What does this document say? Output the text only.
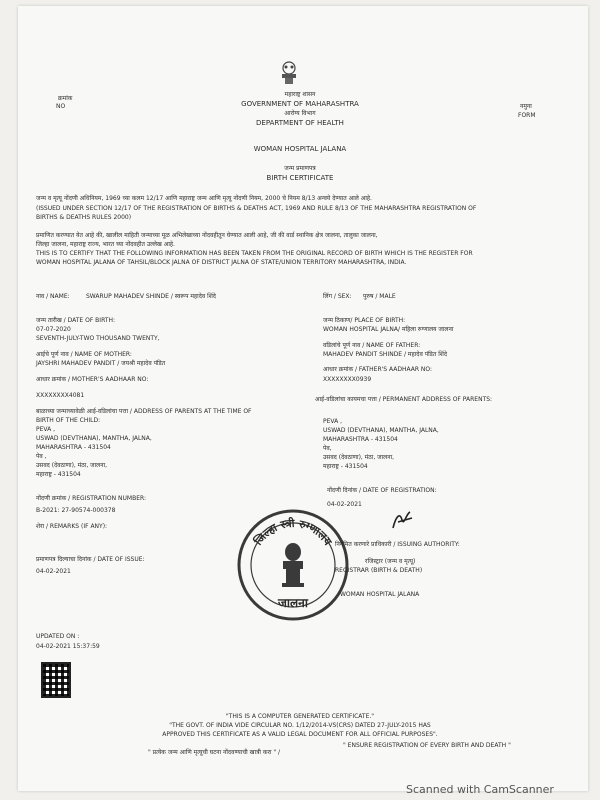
क्रमांक
NO	नमुना
FORM
महाराष्ट्र शासन
GOVERNMENT OF MAHARASHTRA
आरोग्य विभाग
DEPARTMENT OF HEALTH
WOMAN HOSPITAL JALANA
जन्म प्रमाणपत्र
BIRTH CERTIFICATE
जन्म व मृत्यू नोंदणी अधिनियम, 1969 च्या कलम 12/17 आणि महाराष्ट्र जन्म आणि मृत्यू नोंदणी नियम, 2000 चे नियम 8/13 अन्वये देण्यात आले आहे.
(ISSUED UNDER SECTION 12/17 OF THE REGISTRATION OF BIRTHS & DEATHS ACT, 1969 AND RULE 8/13 OF THE MAHARASHTRA REGISTRATION OF
BIRTHS & DEATHS RULES 2000)
प्रमाणित करण्यात येत आहे की, खालील माहिती जन्माच्या मूळ अभिलेखाच्या नोंदवहीतून घेण्यात आली आहे, जी की वार्ड स्थानिक क्षेत्र जालना, तालुका जालना,
जिल्हा जालना, महाराष्ट्र राज्य, भारत च्या नोंदवहीत उल्लेख आहे.
THIS IS TO CERTIFY THAT THE FOLLOWING INFORMATION HAS BEEN TAKEN FROM THE ORIGINAL RECORD OF BIRTH WHICH IS THE REGISTER FOR
WOMAN HOSPITAL JALANA OF TAHSIL/BLOCK JALNA OF DISTRICT JALNA OF STATE/UNION TERRITORY MAHARASHTRA, INDIA.
नाव / NAME:	SWARUP MAHADEV SHINDE / स्वरूप महादेव शिंदे	लिंग / SEX: पुरुष / MALE
जन्म तारीख / DATE OF BIRTH:
07-07-2020
SEVENTH-JULY-TWO THOUSAND TWENTY,
जन्म ठिकाण/ PLACE OF BIRTH:
WOMAN HOSPITAL JALNA/ महिला रुग्णालय जालना
आईचे पूर्ण नाव / NAME OF MOTHER:
JAYSHRI MAHADEV PANDIT / जयश्री महादेव पंडित
वडिलांचे पूर्ण नाव / NAME OF FATHER:
MAHADEV PANDIT SHINDE / महादेव पंडित शिंदे
आधार क्रमांक / MOTHER'S AADHAAR NO:
XXXXXXXX4081
आधार क्रमांक / FATHER'S AADHAAR NO:
XXXXXXXX0939
बाळाच्या जन्माच्यावेळी आई-वडिलांचा पत्ता / ADDRESS OF PARENTS AT THE TIME OF
BIRTH OF THE CHILD:
PEVA ,
USWAD (DEVTHANA), MANTHA, JALNA,
MAHARASHTRA - 431504
पेव ,
उसवद (देवठाणा), मंठा, जालना,
महाराष्ट्र - 431504
आई-वडिलांचा कायमचा पत्ता / PERMANENT ADDRESS OF PARENTS:
PEVA ,
USWAD (DEVTHANA), MANTHA, JALNA,
MAHARASHTRA - 431504
पेव,
उसवद (देवठाणा), मंठा, जालना,
महाराष्ट्र - 431504
नोंदणी क्रमांक / REGISTRATION NUMBER:
B-2021: 27-90574-000378
नोंदणी दिनांक / DATE OF REGISTRATION:
04-02-2021
शेरा / REMARKS (IF ANY):
प्रमाणपत्र दिल्याचा दिनांक / DATE OF ISSUE:
04-02-2021
जिल्हा स्त्री रुग्णालय
जालना
निर्गमित करणारे प्राधिकारी / ISSUING AUTHORITY:
रजिस्ट्रार (जन्म व मृत्यू)
REGISTRAR (BIRTH & DEATH)
WOMAN HOSPITAL JALANA
UPDATED ON :
04-02-2021 15:37:59
"THIS IS A COMPUTER GENERATED CERTIFICATE."
"THE GOVT. OF INDIA VIDE CIRCULAR NO. 1/12/2014-VS(CRS) DATED 27-JULY-2015 HAS
APPROVED THIS CERTIFICATE AS A VALID LEGAL DOCUMENT FOR ALL OFFICIAL PURPOSES".
" प्रत्येक जन्म आणि मृत्यूची घटना नोंदवण्याची खात्री करा " /
" ENSURE REGISTRATION OF EVERY BIRTH AND DEATH "
Scanned with CamScanner
